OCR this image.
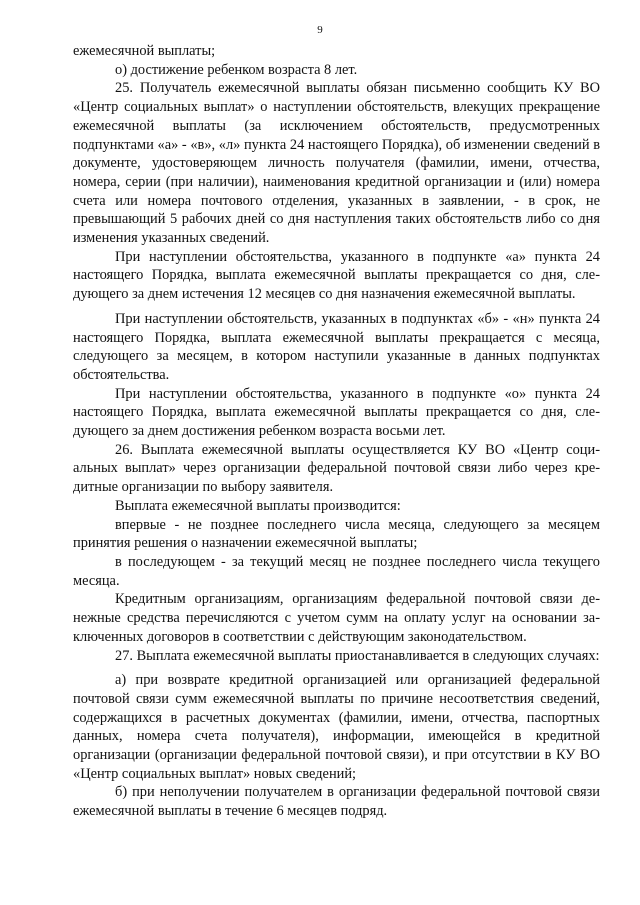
9

ежемесячной выплаты;

о) достижение ребенком возраста 8 лет.

25. Получатель ежемесячной выплаты обязан письменно сообщить КУ ВО «Центр социальных выплат» о наступлении обстоятельств, влекущих прекращение ежемесячной выплаты (за исключением обстоятельств, предусмотренных подпунктами «а» - «в», «л» пункта 24 настоящего Порядка), об изменении сведений в документе, удостоверяющем личность получателя (фамилии, имени, отчества, номера, серии (при наличии), наименования кредитной организации и (или) номера счета или номера почтового отделения, указанных в заявлении, - в срок, не превышающий 5 рабочих дней со дня наступления таких обстоятельств либо со дня изменения указанных сведений.

При наступлении обстоятельства, указанного в подпункте «а» пункта 24 настоящего Порядка, выплата ежемесячной выплаты прекращается со дня, следующего за днем истечения 12 месяцев со дня назначения ежемесячной выплаты.

При наступлении обстоятельств, указанных в подпунктах «б» - «н» пункта 24 настоящего Порядка, выплата ежемесячной выплаты прекращается с месяца, следующего за месяцем, в котором наступили указанные в данных подпунктах обстоятельства.

При наступлении обстоятельства, указанного в подпункте «о» пункта 24 настоящего Порядка, выплата ежемесячной выплаты прекращается со дня, следующего за днем достижения ребенком возраста восьми лет.

26. Выплата ежемесячной выплаты осуществляется КУ ВО «Центр социальных выплат» через организации федеральной почтовой связи либо через кредитные организации по выбору заявителя.

Выплата ежемесячной выплаты производится:

впервые - не позднее последнего числа месяца, следующего за месяцем принятия решения о назначении ежемесячной выплаты;

в последующем - за текущий месяц не позднее последнего числа текущего месяца.

Кредитным организациям, организациям федеральной почтовой связи денежные средства перечисляются с учетом сумм на оплату услуг на основании заключенных договоров в соответствии с действующим законодательством.

27. Выплата ежемесячной выплаты приостанавливается в следующих случаях:

а) при возврате кредитной организацией или организацией федеральной почтовой связи сумм ежемесячной выплаты по причине несоответствия сведений, содержащихся в расчетных документах (фамилии, имени, отчества, паспортных данных, номера счета получателя), информации, имеющейся в кредитной организации (организации федеральной почтовой связи), и при отсутствии в КУ ВО «Центр социальных выплат» новых сведений;

б) при неполучении получателем в организации федеральной почтовой связи ежемесячной выплаты в течение 6 месяцев подряд.
